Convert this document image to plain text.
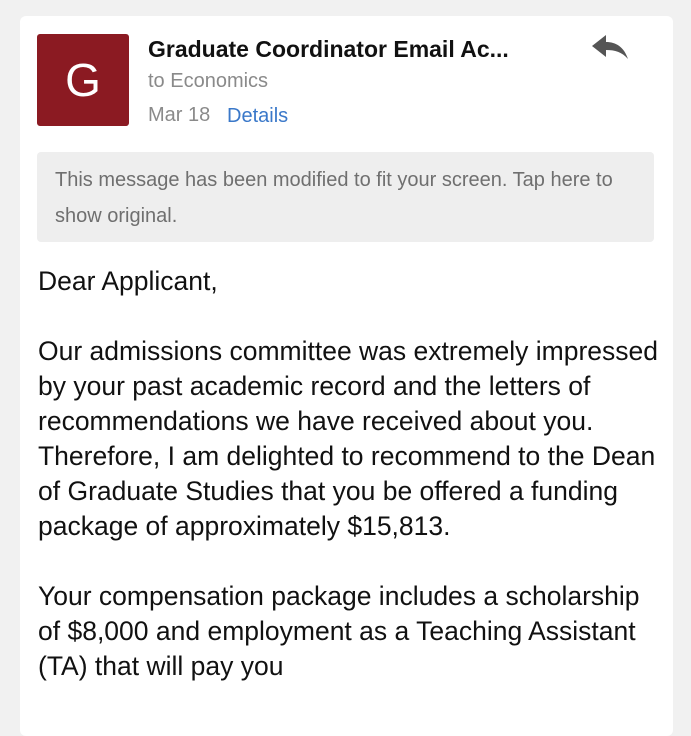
G
Graduate Coordinator Email Ac...
to Economics
Mar 18 Details
This message has been modified to fit your screen. Tap here to show original.

Dear Applicant,

Our admissions committee was extremely impressed by your past academic record and the letters of recommendations we have received about you. Therefore, I am delighted to recommend to the Dean of Graduate Studies that you be offered a funding package of approximately $15,813.

Your compensation package includes a scholarship of $8,000 and employment as a Teaching Assistant (TA) that will pay you
